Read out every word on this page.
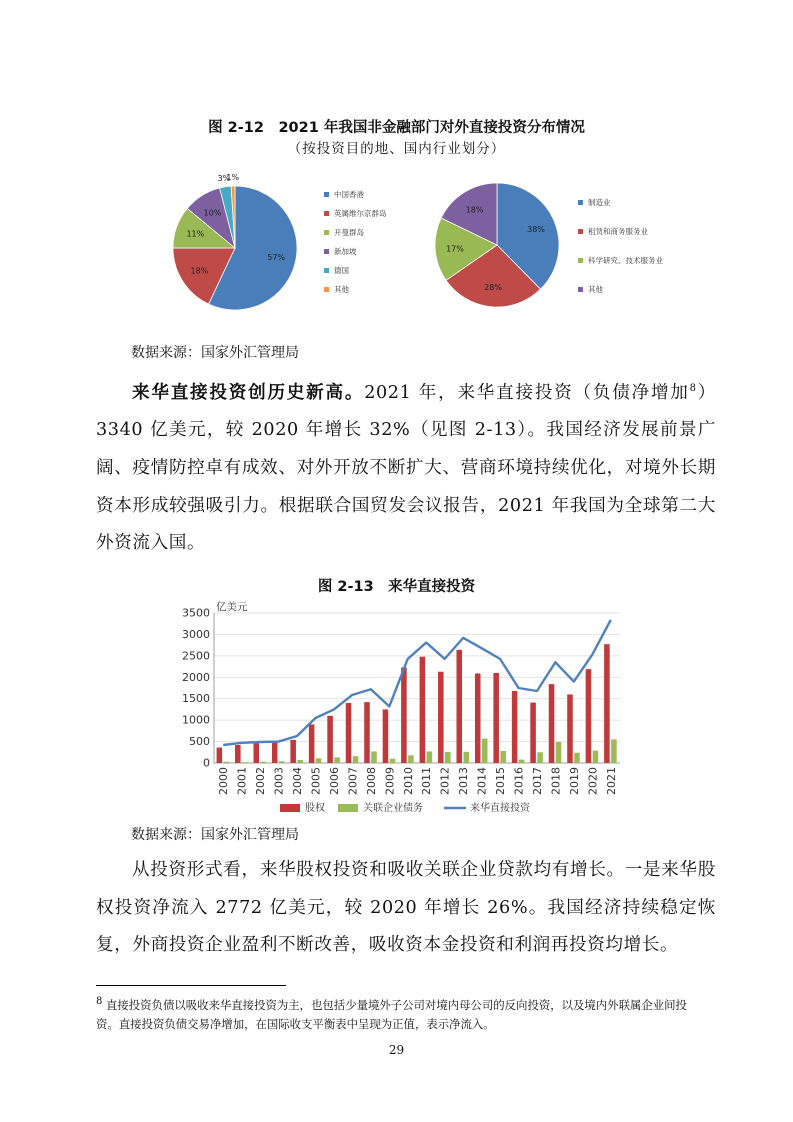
图 2-12　2021 年我国非金融部门对外直接投资分布情况
（按投资目的地、国内行业划分）
57%
18%
11%
10%
3%
1%
中国香港
英属维尔京群岛
开曼群岛
新加坡
德国
其他
38%
28%
17%
18%
制造业
租赁和商务服务业
科学研究、技术服务业
其他
数据来源：国家外汇管理局

来华直接投资创历史新高。2021 年，来华直接投资（负债净增加$^8$）3340 亿美元，较 2020 年增长 32%（见图 2-13）。我国经济发展前景广阔、疫情防控卓有成效、对外开放不断扩大、营商环境持续优化，对境外长期资本形成较强吸引力。根据联合国贸发会议报告，2021 年我国为全球第二大外资流入国。

图 2-13　来华直接投资
0
500
1000
1500
2000
2500
3000
3500 亿美元
2000 2001 2002 2003 2004 2005 2006 2007 2008 2009 2010 2011 2012 2013 2014 2015 2016 2017 2018 2019 2020 2021
股权	关联企业债务	来华直接投资
数据来源：国家外汇管理局

从投资形式看，来华股权投资和吸收关联企业贷款均有增长。一是来华股权投资净流入 2772 亿美元，较 2020 年增长 26%。我国经济持续稳定恢复，外商投资企业盈利不断改善，吸收资本金投资和利润再投资均增长。

$^8$ 直接投资负债以吸收来华直接投资为主，也包括少量境外子公司对境内母公司的反向投资，以及境内外联属企业间投资。直接投资负债交易净增加，在国际收支平衡表中呈现为正值，表示净流入。
29
